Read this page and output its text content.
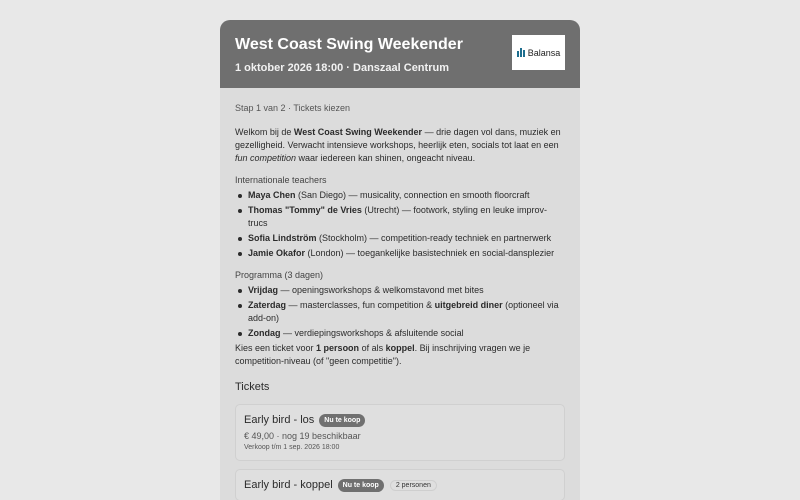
West Coast Swing Weekender
1 oktober 2026 18:00 · Danszaal Centrum
Balansa
Stap 1 van 2 · Tickets kiezen

Welkom bij de West Coast Swing Weekender — drie dagen vol dans, muziek en gezelligheid. Verwacht intensieve workshops, heerlijk eten, socials tot laat en een fun competition waar iedereen kan shinen, ongeacht niveau.

Internationale teachers
Maya Chen (San Diego) — musicality, connection en smooth floorcraft
Thomas "Tommy" de Vries (Utrecht) — footwork, styling en leuke improv-trucs
Sofia Lindström (Stockholm) — competition-ready techniek en partnerwerk
Jamie Okafor (London) — toegankelijke basistechniek en social-dansplezier
Programma (3 dagen)
Vrijdag — openingsworkshops & welkomstavond met bites
Zaterdag — masterclasses, fun competition & uitgebreid diner (optioneel via add-on)
Zondag — verdiepingsworkshops & afsluitende social

Kies een ticket voor 1 persoon of als koppel. Bij inschrijving vragen we je competition-niveau (of "geen competitie").

Tickets
Early bird - los	Nu te koop
€ 49,00 · nog 19 beschikbaar
Verkoop t/m 1 sep. 2026 18:00
Early bird - koppel	Nu te koop	2 personen
